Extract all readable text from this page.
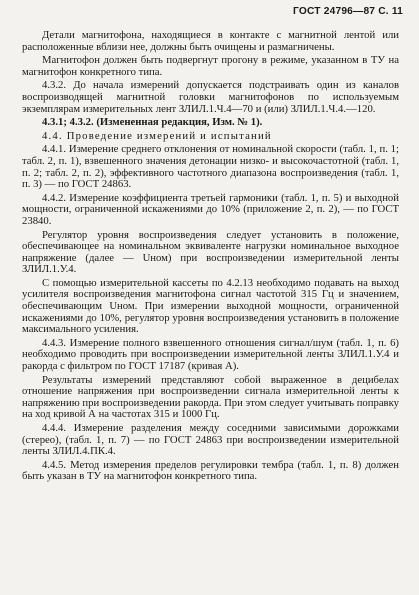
ГОСТ 24796—87 С. 11

Детали магнитофона, находящиеся в контакте с магнитной лентой или расположенные вблизи нее, должны быть очищены и размагничены.

Магнитофон должен быть подвергнут прогону в режиме, указанном в ТУ на магнитофон конкретного типа.

4.3.2. До начала измерений допускается подстраивать один из каналов воспроизводящей магнитной головки магнитофонов по используемым экземплярам измерительных лент ЗЛИЛ.1.Ч.4—70 и (или) ЗЛИЛ.1.Ч.4.—120.

4.3.1; 4.3.2. (Измененная редакция, Изм. № 1).

4.4. Проведение измерений и испытаний

4.4.1. Измерение среднего отклонения от номинальной скорости (табл. 1, п. 1; табл. 2, п. 1), взвешенного значения детонации низко- и высокочастотной (табл. 1, п. 2; табл. 2, п. 2), эффективного частотного диапазона воспроизведения (табл. 1, п. 3) — по ГОСТ 24863.

4.4.2. Измерение коэффициента третьей гармоники (табл. 1, п. 5) и выходной мощности, ограниченной искажениями до 10% (приложение 2, п. 2), — по ГОСТ 23840.

Регулятор уровня воспроизведения следует установить в положение, обеспечивающее на номинальном эквиваленте нагрузки номинальное выходное напряжение (далее — Uном) при воспроизведении измерительной ленты ЗЛИЛ.1.У.4.

С помощью измерительной кассеты по 4.2.13 необходимо подавать на выход усилителя воспроизведения магнитофона сигнал частотой 315 Гц и значением, обеспечивающим Uном. При измерении выходной мощности, ограниченной искажениями до 10%, регулятор уровня воспроизведения установить в положение максимального усиления.

4.4.3. Измерение полного взвешенного отношения сигнал/шум (табл. 1, п. 6) необходимо проводить при воспроизведении измерительной ленты ЗЛИЛ.1.У.4 и ракорда с фильтром по ГОСТ 17187 (кривая А).

Результаты измерений представляют собой выраженное в децибелах отношение напряжения при воспроизведении сигнала измерительной ленты к напряжению при воспроизведении ракорда. При этом следует учитывать поправку на ход кривой А на частотах 315 и 1000 Гц.

4.4.4. Измерение разделения между соседними зависимыми дорожками (стерео), (табл. 1, п. 7) — по ГОСТ 24863 при воспроизведении измерительной ленты ЗЛИЛ.4.ПК.4.

4.4.5. Метод измерения пределов регулировки тембра (табл. 1, п. 8) должен быть указан в ТУ на магнитофон конкретного типа.
